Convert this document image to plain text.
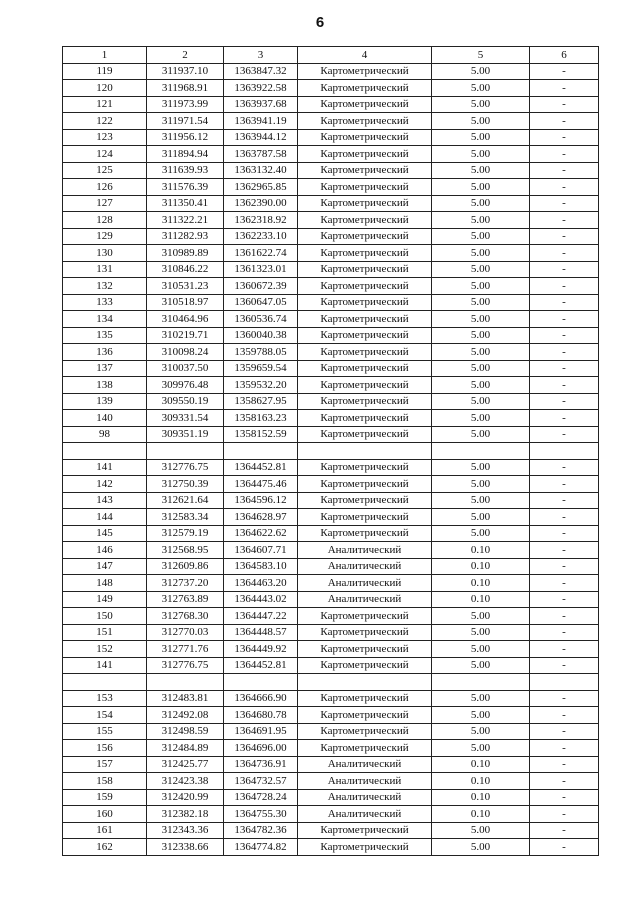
6
1	2	3	4	5	6
119	311937.10	1363847.32	Картометрический	5.00	-
120	311968.91	1363922.58	Картометрический	5.00	-
121	311973.99	1363937.68	Картометрический	5.00	-
122	311971.54	1363941.19	Картометрический	5.00	-
123	311956.12	1363944.12	Картометрический	5.00	-
124	311894.94	1363787.58	Картометрический	5.00	-
125	311639.93	1363132.40	Картометрический	5.00	-
126	311576.39	1362965.85	Картометрический	5.00	-
127	311350.41	1362390.00	Картометрический	5.00	-
128	311322.21	1362318.92	Картометрический	5.00	-
129	311282.93	1362233.10	Картометрический	5.00	-
130	310989.89	1361622.74	Картометрический	5.00	-
131	310846.22	1361323.01	Картометрический	5.00	-
132	310531.23	1360672.39	Картометрический	5.00	-
133	310518.97	1360647.05	Картометрический	5.00	-
134	310464.96	1360536.74	Картометрический	5.00	-
135	310219.71	1360040.38	Картометрический	5.00	-
136	310098.24	1359788.05	Картометрический	5.00	-
137	310037.50	1359659.54	Картометрический	5.00	-
138	309976.48	1359532.20	Картометрический	5.00	-
139	309550.19	1358627.95	Картометрический	5.00	-
140	309331.54	1358163.23	Картометрический	5.00	-
98	309351.19	1358152.59	Картометрический	5.00	-

141	312776.75	1364452.81	Картометрический	5.00	-
142	312750.39	1364475.46	Картометрический	5.00	-
143	312621.64	1364596.12	Картометрический	5.00	-
144	312583.34	1364628.97	Картометрический	5.00	-
145	312579.19	1364622.62	Картометрический	5.00	-
146	312568.95	1364607.71	Аналитический	0.10	-
147	312609.86	1364583.10	Аналитический	0.10	-
148	312737.20	1364463.20	Аналитический	0.10	-
149	312763.89	1364443.02	Аналитический	0.10	-
150	312768.30	1364447.22	Картометрический	5.00	-
151	312770.03	1364448.57	Картометрический	5.00	-
152	312771.76	1364449.92	Картометрический	5.00	-
141	312776.75	1364452.81	Картометрический	5.00	-

153	312483.81	1364666.90	Картометрический	5.00	-
154	312492.08	1364680.78	Картометрический	5.00	-
155	312498.59	1364691.95	Картометрический	5.00	-
156	312484.89	1364696.00	Картометрический	5.00	-
157	312425.77	1364736.91	Аналитический	0.10	-
158	312423.38	1364732.57	Аналитический	0.10	-
159	312420.99	1364728.24	Аналитический	0.10	-
160	312382.18	1364755.30	Аналитический	0.10	-
161	312343.36	1364782.36	Картометрический	5.00	-
162	312338.66	1364774.82	Картометрический	5.00	-
